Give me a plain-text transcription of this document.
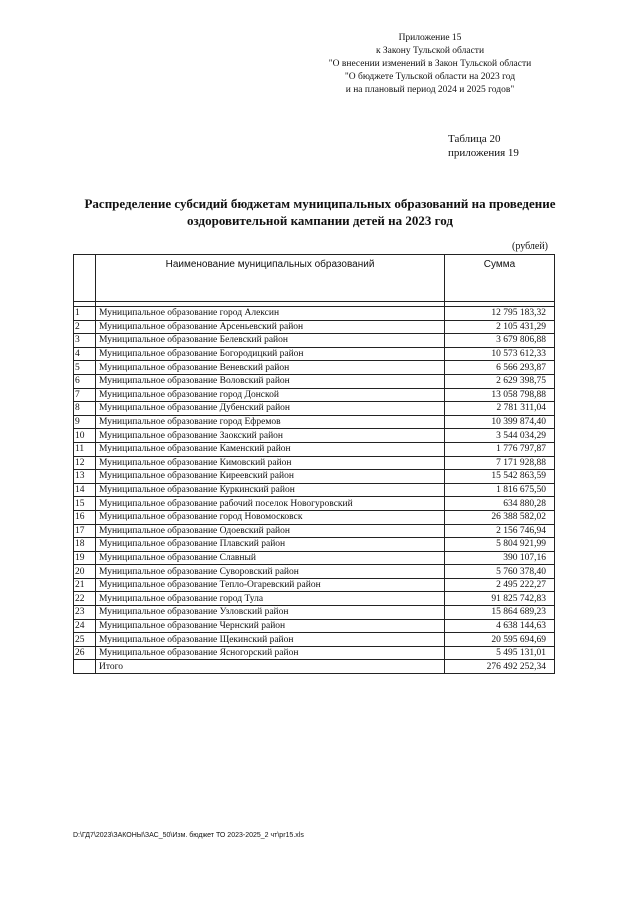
Приложение 15
к Закону Тульской области
"О внесении изменений в Закон Тульской области
"О бюджете Тульской области на 2023 год
и на плановый период 2024 и 2025 годов"
Таблица 20
приложения 19
Распределение субсидий бюджетам муниципальных образований на проведение
оздоровительной кампании детей на 2023 год
(рублей)
	Наименование муниципальных образований	Сумма

1	Муниципальное образование город Алексин	12 795 183,32
2	Муниципальное образование Арсеньевский район	2 105 431,29
3	Муниципальное образование Белевский район	3 679 806,88
4	Муниципальное образование Богородицкий район	10 573 612,33
5	Муниципальное образование Веневский район	6 566 293,87
6	Муниципальное образование Воловский район	2 629 398,75
7	Муниципальное образование город Донской	13 058 798,88
8	Муниципальное образование Дубенский район	2 781 311,04
9	Муниципальное образование город Ефремов	10 399 874,40
10	Муниципальное образование Заокский район	3 544 034,29
11	Муниципальное образование Каменский район	1 776 797,87
12	Муниципальное образование Кимовский район	7 171 928,88
13	Муниципальное образование Киреевский район	15 542 863,59
14	Муниципальное образование Куркинский район	1 816 675,50
15	Муниципальное образование рабочий поселок Новогуровский	634 880,28
16	Муниципальное образование город Новомосковск	26 388 582,02
17	Муниципальное образование Одоевский район	2 156 746,94
18	Муниципальное образование Плавский район	5 804 921,99
19	Муниципальное образование Славный	390 107,16
20	Муниципальное образование Суворовский район	5 760 378,40
21	Муниципальное образование Тепло-Огаревский район	2 495 222,27
22	Муниципальное образование город Тула	91 825 742,83
23	Муниципальное образование Узловский район	15 864 689,23
24	Муниципальное образование Чернский район	4 638 144,63
25	Муниципальное образование Щекинский район	20 595 694,69
26	Муниципальное образование Ясногорский район	5 495 131,01
	Итого	276 492 252,34
D:\ГД7\2023\ЗАКОНЫ\ЗАС_50\Изм. бюджет ТО 2023-2025_2 чт\pr15.xls
